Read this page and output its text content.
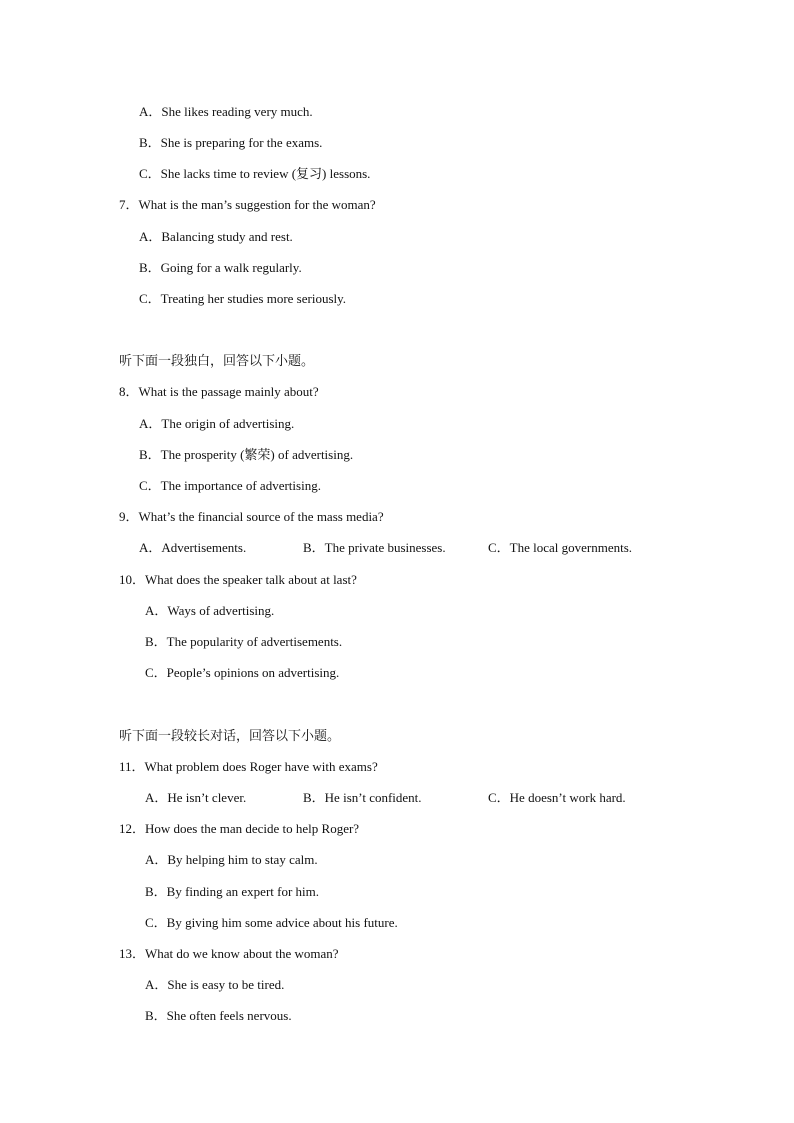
A．She likes reading very much.
B．She is preparing for the exams.
C．She lacks time to review (复习) lessons.
7．What is the man’s suggestion for the woman?
A．Balancing study and rest.
B．Going for a walk regularly.
C．Treating her studies more seriously.
听下面一段独白，回答以下小题。
8．What is the passage mainly about?
A．The origin of advertising.
B．The prosperity (繁荣) of advertising.
C．The importance of advertising.
9．What’s the financial source of the mass media?
A．Advertisements.	B．The private businesses.	C．The local governments.
10．What does the speaker talk about at last?
A．Ways of advertising.
B．The popularity of advertisements.
C．People’s opinions on advertising.
听下面一段较长对话，回答以下小题。
11．What problem does Roger have with exams?
A．He isn’t clever.	B．He isn’t confident.	C．He doesn’t work hard.
12．How does the man decide to help Roger?
A．By helping him to stay calm.
B．By finding an expert for him.
C．By giving him some advice about his future.
13．What do we know about the woman?
A．She is easy to be tired.
B．She often feels nervous.
